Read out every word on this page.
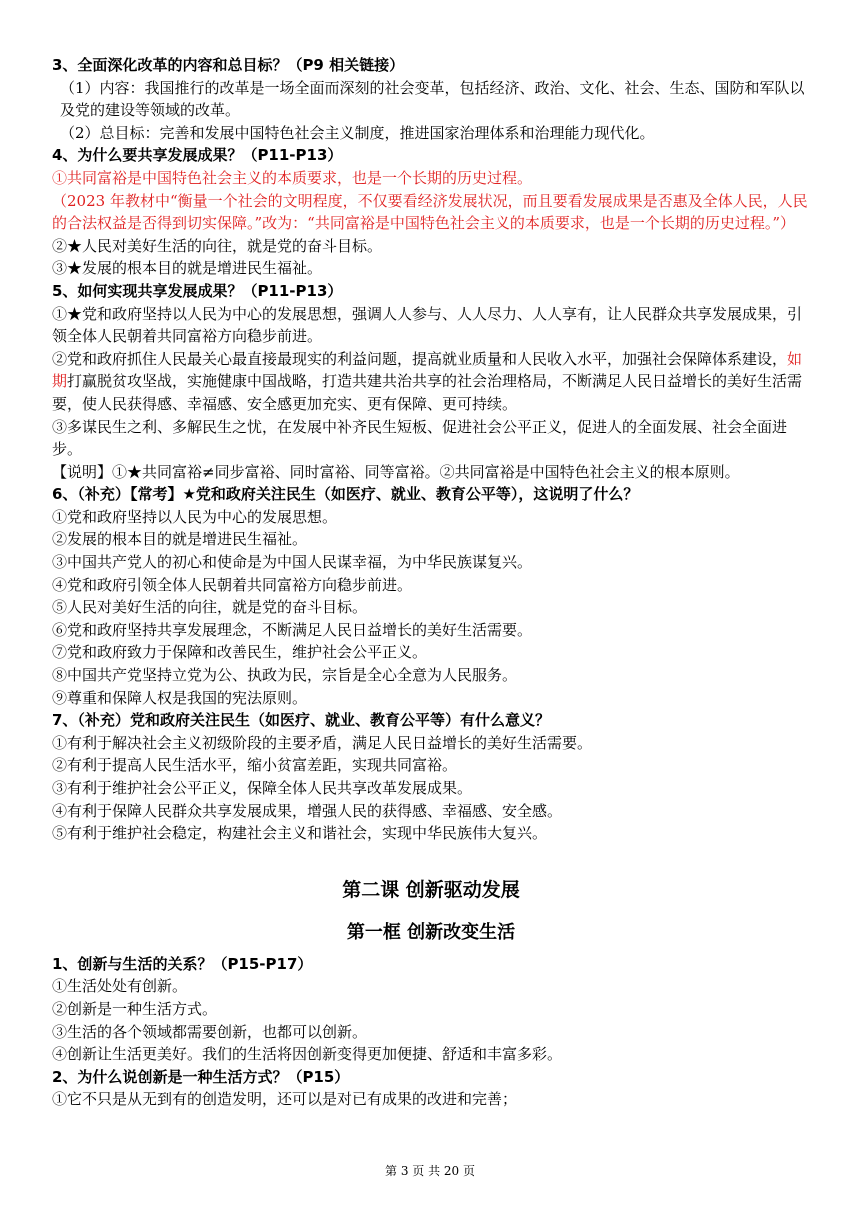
3、全面深化改革的内容和总目标？（P9 相关链接）

（1）内容：我国推行的改革是一场全面而深刻的社会变革，包括经济、政治、文化、社会、生态、国防和军队以及党的建设等领域的改革。

（2）总目标：完善和发展中国特色社会主义制度，推进国家治理体系和治理能力现代化。

4、为什么要共享发展成果？（P11-P13）

①共同富裕是中国特色社会主义的本质要求，也是一个长期的历史过程。

（2023 年教材中“衡量一个社会的文明程度，不仅要看经济发展状况，而且要看发展成果是否惠及全体人民，人民的合法权益是否得到切实保障。”改为：“共同富裕是中国特色社会主义的本质要求，也是一个长期的历史过程。”）

②★人民对美好生活的向往，就是党的奋斗目标。

③★发展的根本目的就是增进民生福祉。

5、如何实现共享发展成果？（P11-P13）

①★党和政府坚持以人民为中心的发展思想，强调人人参与、人人尽力、人人享有，让人民群众共享发展成果，引领全体人民朝着共同富裕方向稳步前进。

②党和政府抓住人民最关心最直接最现实的利益问题，提高就业质量和人民收入水平，加强社会保障体系建设，如期打赢脱贫攻坚战，实施健康中国战略，打造共建共治共享的社会治理格局，不断满足人民日益增长的美好生活需要，使人民获得感、幸福感、安全感更加充实、更有保障、更可持续。

③多谋民生之利、多解民生之忧，在发展中补齐民生短板、促进社会公平正义，促进人的全面发展、社会全面进步。

【说明】①★共同富裕≠同步富裕、同时富裕、同等富裕。②共同富裕是中国特色社会主义的根本原则。

6、（补充）【常考】★党和政府关注民生（如医疗、就业、教育公平等），这说明了什么？

①党和政府坚持以人民为中心的发展思想。

②发展的根本目的就是增进民生福祉。

③中国共产党人的初心和使命是为中国人民谋幸福，为中华民族谋复兴。

④党和政府引领全体人民朝着共同富裕方向稳步前进。

⑤人民对美好生活的向往，就是党的奋斗目标。

⑥党和政府坚持共享发展理念，不断满足人民日益增长的美好生活需要。

⑦党和政府致力于保障和改善民生，维护社会公平正义。

⑧中国共产党坚持立党为公、执政为民，宗旨是全心全意为人民服务。

⑨尊重和保障人权是我国的宪法原则。

7、（补充）党和政府关注民生（如医疗、就业、教育公平等）有什么意义？

①有利于解决社会主义初级阶段的主要矛盾，满足人民日益增长的美好生活需要。

②有利于提高人民生活水平，缩小贫富差距，实现共同富裕。

③有利于维护社会公平正义，保障全体人民共享改革发展成果。

④有利于保障人民群众共享发展成果，增强人民的获得感、幸福感、安全感。

⑤有利于维护社会稳定，构建社会主义和谐社会，实现中华民族伟大复兴。

第二课 创新驱动发展

第一框 创新改变生活

1、创新与生活的关系？（P15-P17）

①生活处处有创新。

②创新是一种生活方式。

③生活的各个领域都需要创新，也都可以创新。

④创新让生活更美好。我们的生活将因创新变得更加便捷、舒适和丰富多彩。

2、为什么说创新是一种生活方式？（P15）

①它不只是从无到有的创造发明，还可以是对已有成果的改进和完善；

第 3 页 共 20 页
